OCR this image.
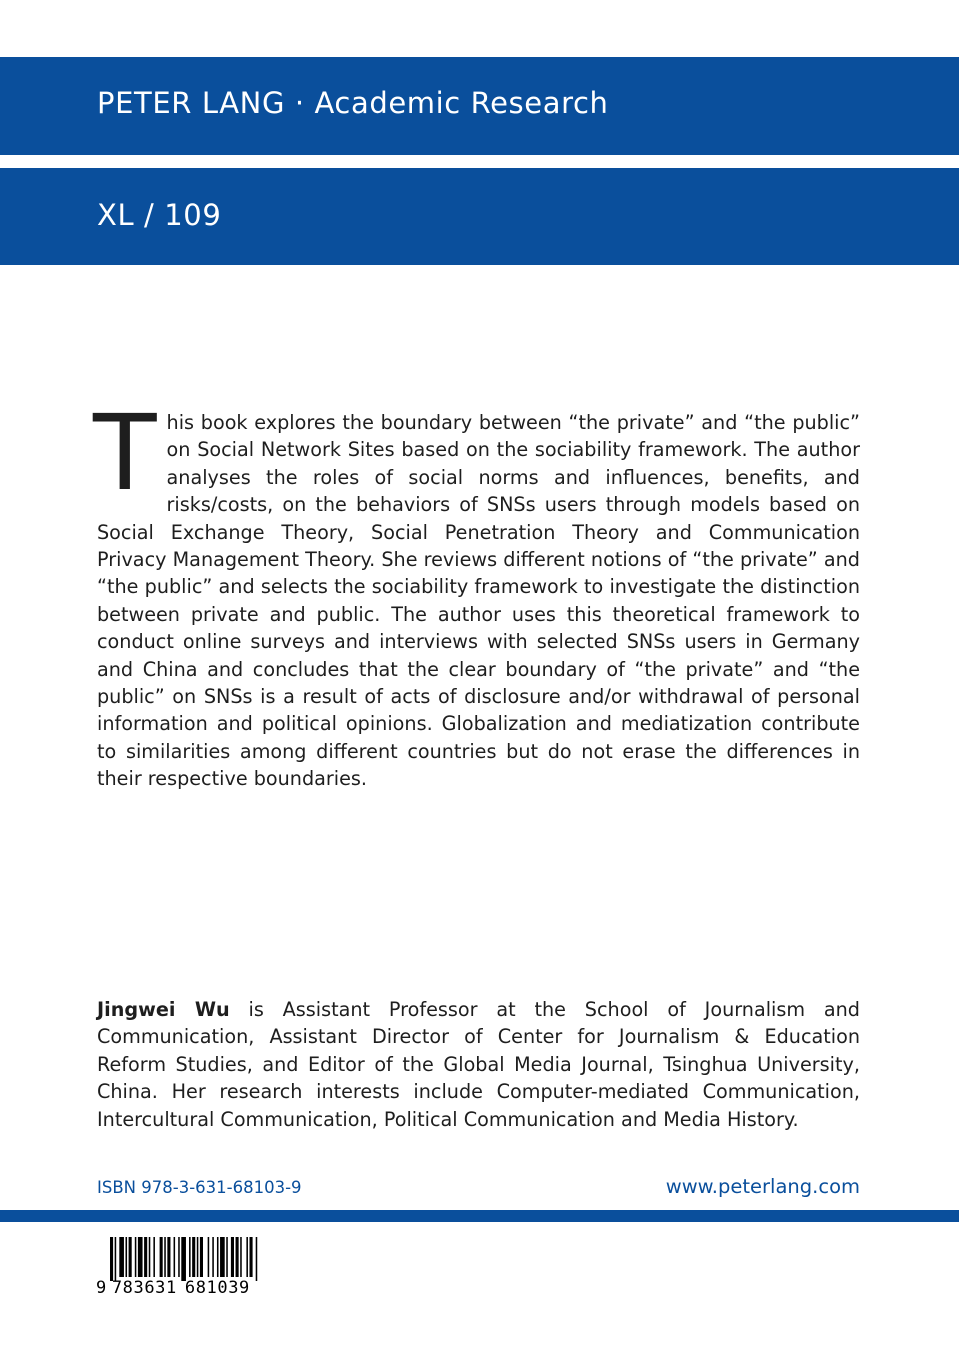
PETER LANG · Academic Research
XL / 109
This book explores the boundary between “the private” and “the public” on Social Network Sites based on the sociability framework. The author analyses the roles of social norms and influences, benefits, and risks/costs, on the behaviors of SNSs users through models based on Social Exchange Theory, Social Penetration Theory and Communication Privacy Management Theory. She reviews different notions of “the private” and “the public” and selects the sociability framework to investigate the distinction between private and public. The author uses this theoretical framework to conduct online surveys and interviews with selected SNSs users in Germany and China and concludes that the clear boundary of “the private” and “the public” on SNSs is a result of acts of disclosure and/or withdrawal of personal information and political opinions. Globalization and mediatization contribute to similarities among different countries but do not erase the differences in their respective boundaries.
Jingwei Wu is Assistant Professor at the School of Journalism and Communication, Assistant Director of Center for Journalism & Education Reform Studies, and Editor of the Global Media Journal, Tsinghua University, China. Her research interests include Computer-mediated Communication, Intercultural Communication, Political Communication and Media History.
ISBN 978-3-631-68103-9	www.peterlang.com
9 783631 681039
